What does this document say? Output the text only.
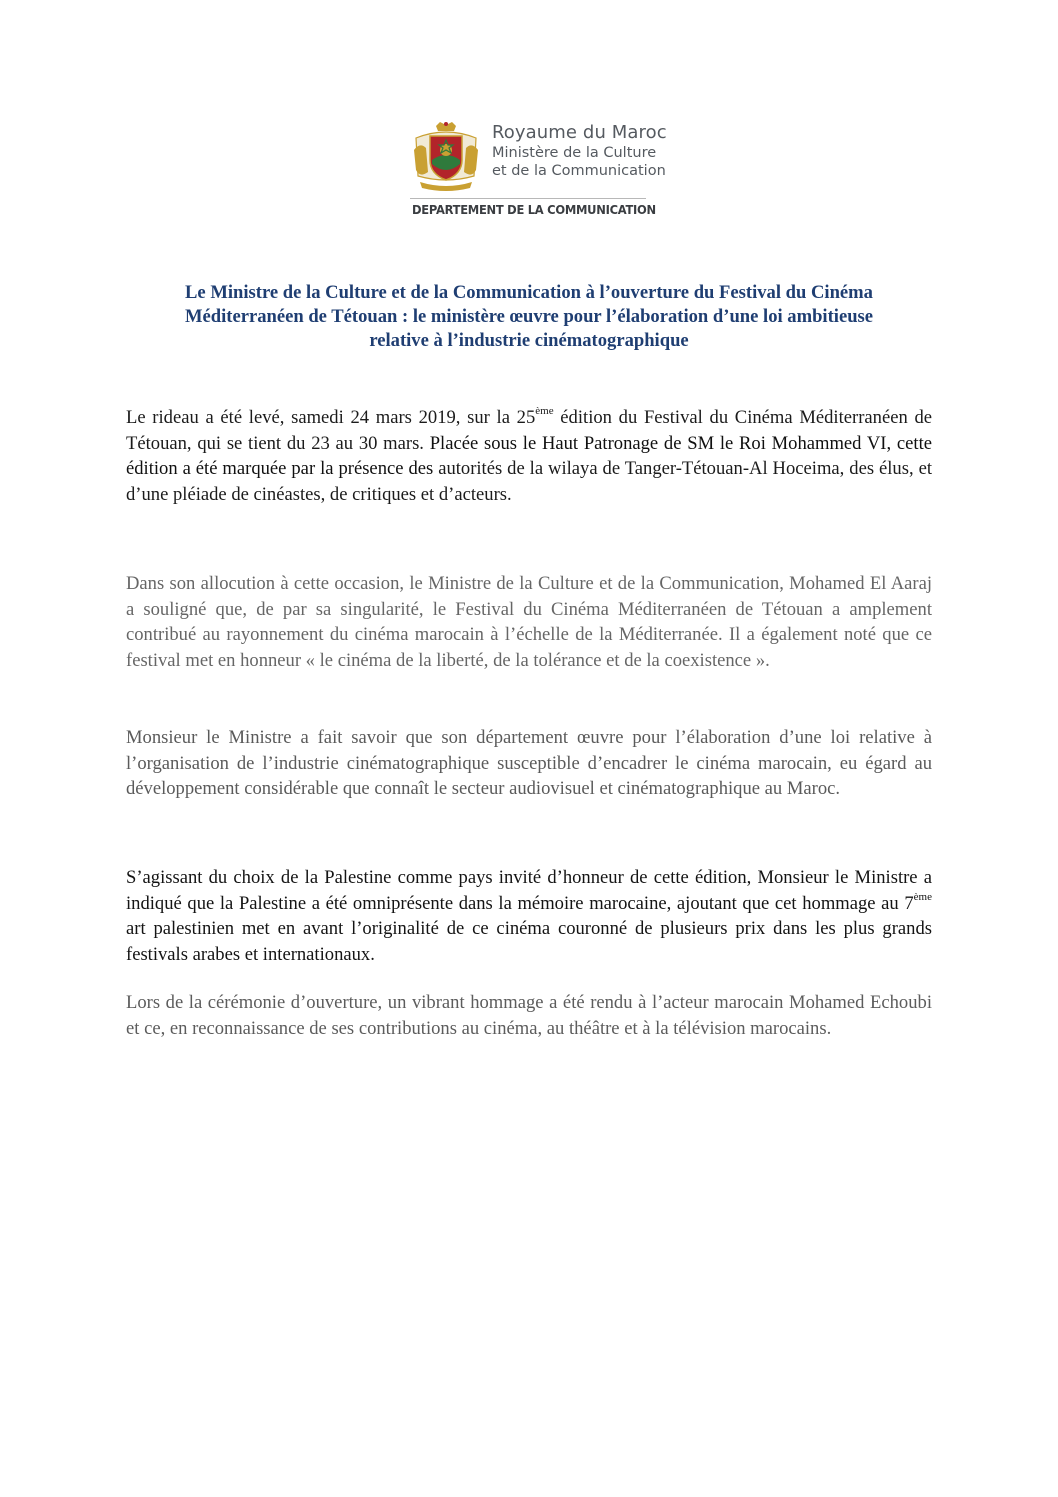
Royaume du Maroc
Ministère de la Culture
et de la Communication
DEPARTEMENT DE LA COMMUNICATION
Le Ministre de la Culture et de la Communication à l’ouverture du Festival du Cinéma
Méditerranéen de Tétouan : le ministère œuvre pour l’élaboration d’une loi ambitieuse
relative à l’industrie cinématographique

Le rideau a été levé, samedi 24 mars 2019, sur la 25ème édition du Festival du Cinéma Méditerranéen de Tétouan, qui se tient du 23 au 30 mars. Placée sous le Haut Patronage de SM le Roi Mohammed VI, cette édition a été marquée par la présence des autorités de la wilaya de Tanger-Tétouan-Al Hoceima, des élus, et d’une pléiade de cinéastes, de critiques et d’acteurs.

Dans son allocution à cette occasion, le Ministre de la Culture et de la Communication, Mohamed El Aaraj a souligné que, de par sa singularité, le Festival du Cinéma Méditerranéen de Tétouan a amplement contribué au rayonnement du cinéma marocain à l’échelle de la Méditerranée. Il a également noté que ce festival met en honneur « le cinéma de la liberté, de la tolérance et de la coexistence ».

Monsieur le Ministre a fait savoir que son département œuvre pour l’élaboration d’une loi relative à l’organisation de l’industrie cinématographique susceptible d’encadrer le cinéma marocain, eu égard au développement considérable que connaît le secteur audiovisuel et cinématographique au Maroc.

S’agissant du choix de la Palestine comme pays invité d’honneur de cette édition, Monsieur le Ministre a indiqué que la Palestine a été omniprésente dans la mémoire marocaine, ajoutant que cet hommage au 7ème art palestinien met en avant l’originalité de ce cinéma couronné de plusieurs prix dans les plus grands festivals arabes et internationaux.

Lors de la cérémonie d’ouverture, un vibrant hommage a été rendu à l’acteur marocain Mohamed Echoubi et ce, en reconnaissance de ses contributions au cinéma, au théâtre et à la télévision marocains.
